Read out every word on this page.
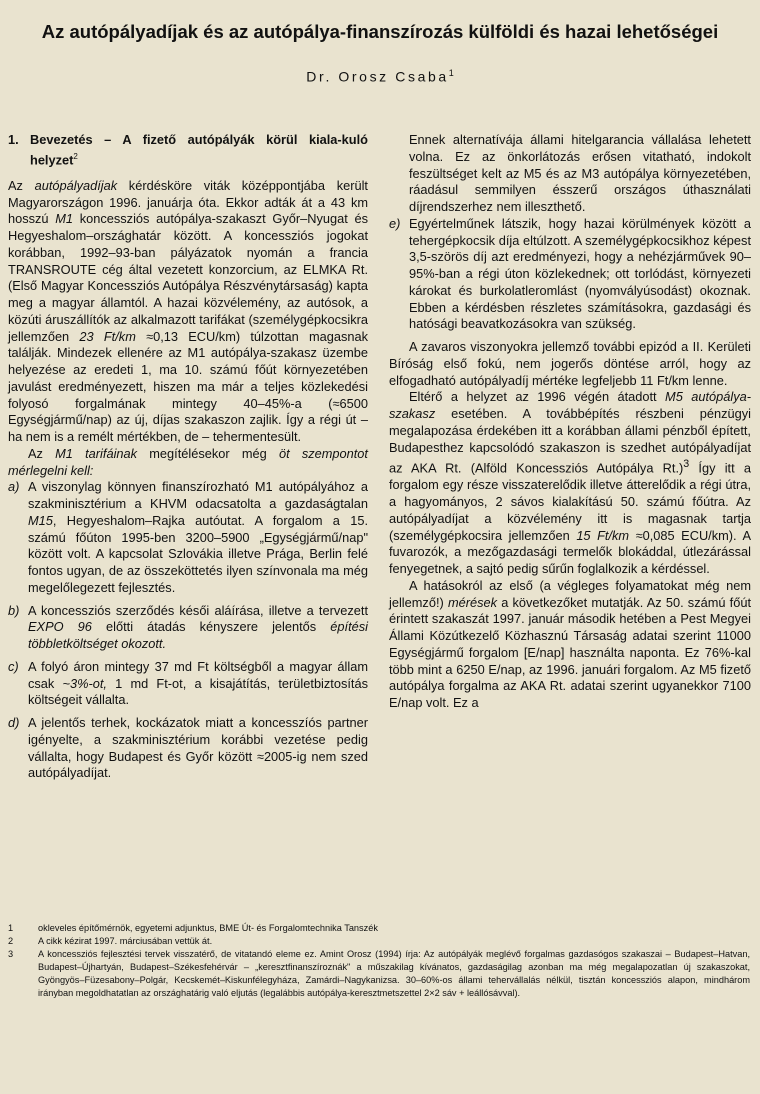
Az autópályadíjak és az autópálya-finanszírozás külföldi és hazai lehetőségei
Dr. Orosz Csaba$^1$
1. Bevezetés – A fizető autópályák körül kiala-kuló helyzet$^2$

Az autópályadíjak kérdésköre viták középpontjába került Magyarországon 1996. januárja óta. Ekkor adták át a 43 km hosszú M1 koncessziós autópálya-szakaszt Győr–Nyugat és Hegyeshalom–országhatár között. A koncessziós jogokat korábban, 1992–93-ban pályázatok nyomán a francia TRANSROUTE cég által vezetett konzorcium, az ELMKA Rt. (Első Magyar Koncessziós Autópálya Részvénytársaság) kapta meg a magyar államtól. A hazai közvélemény, az autósok, a közúti áruszállítók az alkalmazott tarifákat (személygépkocsikra jellemzően 23 Ft/km ≈0,13 ECU/km) túlzottan magasnak találják. Mindezek ellenére az M1 autópálya-szakasz üzembe helyezése az eredeti 1, ma 10. számú főút környezetében javulást eredményezett, hiszen ma már a teljes közlekedési folyosó forgalmának mintegy 40–45%-a (≈6500 Egységjármű/nap) az új, díjas szakaszon zajlik. Így a régi út – ha nem is a remélt mértékben, de – tehermentesült.

Az M1 tarifáinak megítélésekor még öt szempontot mérlegelni kell:

a) A viszonylag könnyen finanszírozható M1 autópályához a szakminisztérium a KHVM odacsatolta a gazdaságtalan M15, Hegyeshalom–Rajka autóutat. A forgalom a 15. számú főúton 1995-ben 3200–5900 „Egységjármű/nap" között volt. A kapcsolat Szlovákia illetve Prága, Berlin felé fontos ugyan, de az összeköttetés ilyen színvonala ma még megelőlegezett fejlesztés.
b) A koncessziós szerződés késői aláírása, illetve a tervezett EXPO 96 előtti átadás kényszere jelentős építési többletköltséget okozott.
c) A folyó áron mintegy 37 md Ft költségből a magyar állam csak ~3%-ot, 1 md Ft-ot, a kisajátítás, területbiztosítás költségeit vállalta.
d) A jelentős terhek, kockázatok miatt a koncesszíós partner igényelte, a szakminisztérium korábbi vezetése pedig vállalta, hogy Budapest és Győr között ≈2005-ig nem szed autópályadíjat.

Ennek alternatívája állami hitelgarancia vállalása lehetett volna. Ez az önkorlátozás erősen vitatható, indokolt feszültséget kelt az M5 és az M3 autópálya környezetében, ráadásul semmilyen ésszerű országos úthasználati díjrendszerhez nem illeszthető.

e) Egyértelműnek látszik, hogy hazai körülmények között a tehergépkocsik díja eltúlzott. A személygépkocsikhoz képest 3,5-szörös díj azt eredményezi, hogy a nehézjárművek 90–95%-ban a régi úton közlekednek; ott torlódást, környezeti károkat és burkolatleromlást (nyomvályúsodást) okoznak. Ebben a kérdésben részletes számításokra, gazdasági és hatósági beavatkozásokra van szükség.

A zavaros viszonyokra jellemző további epizód a II. Kerületi Bíróság első fokú, nem jogerős döntése arról, hogy az elfogadható autópályadíj mértéke legfeljebb 11 Ft/km lenne.

Eltérő a helyzet az 1996 végén átadott M5 autópálya-szakasz esetében. A továbbépítés részbeni pénzügyi megalapozása érdekében itt a korábban állami pénzből épített, Budapesthez kapcsolódó szakaszon is szedhet autópályadíjat az AKA Rt. (Alföld Koncessziós Autópálya Rt.)$^3$ Így itt a forgalom egy része visszaterelődik illetve átterelődik a régi útra, a hagyományos, 2 sávos kialakítású 50. számú főútra. Az autópályadíjat a közvélemény itt is magasnak tartja (személygépkocsira jellemzően 15 Ft/km ≈0,085 ECU/km). A fuvarozók, a mezőgazdasági termelők blokáddal, útlezárással fenyegetnek, a sajtó pedig sűrűn foglalkozik a kérdéssel.

A hatásokról az első (a végleges folyamatokat még nem jellemző!) mérések a következőket mutatják. Az 50. számú főút érintett szakaszát 1997. január második hetében a Pest Megyei Állami Közútkezelő Közhasznú Társaság adatai szerint 11000 Egységjármű forgalom [E/nap] használta naponta. Ez 76%-kal több mint a 6250 E/nap, az 1996. januári forgalom. Az M5 fizető autópálya forgalma az AKA Rt. adatai szerint ugyanekkor 7100 E/nap volt. Ez a

1	okleveles építőmérnök, egyetemi adjunktus, BME Út- és Forgalomtechnika Tanszék
2	A cikk kézirat 1997. márciusában vettük át.
3	A koncessziós fejlesztési tervek visszatérő, de vitatandó eleme ez. Amint Orosz (1994) írja: Az autópályák meglévő forgalmas gazdasógos szakaszai – Budapest–Hatvan, Budapest–Újhartyán, Budapest–Székesfehérvár – „keresztfinanszíroznák" a műszakilag kívánatos, gazdaságilag azonban ma még megalapozatlan új szakaszokat, Gyöngyös–Füzesabony–Polgár, Kecskemét–Kiskunfélegyháza, Zamárdi–Nagykanizsa. 30–60%-os állami tehervállalás nélkül, tisztán koncessziós alapon, mindhárom irányban megoldhatatlan az országhatárig való eljutás (legalábbis autópálya-keresztmetszettel 2×2 sáv + leállósávval).
